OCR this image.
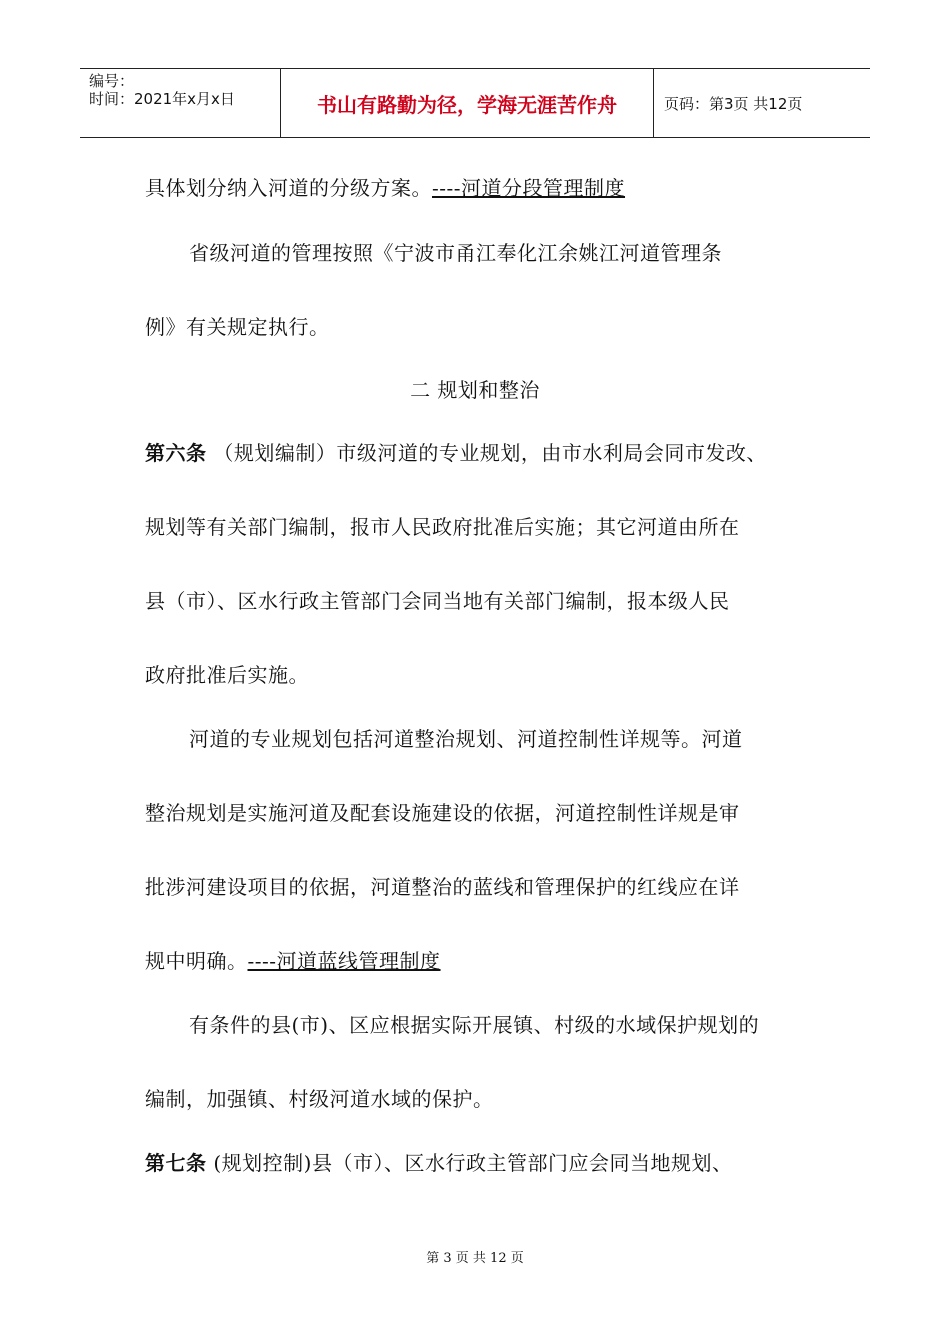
编号：
时间：2021年x月x日	书山有路勤为径，学海无涯苦作舟	页码：第3页 共12页
具体划分纳入河道的分级方案。----河道分段管理制度
省级河道的管理按照《宁波市甬江奉化江余姚江河道管理条
例》有关规定执行。
二 规划和整治
第六条 （规划编制）市级河道的专业规划，由市水利局会同市发改、
规划等有关部门编制，报市人民政府批准后实施；其它河道由所在
县（市）、区水行政主管部门会同当地有关部门编制，报本级人民
政府批准后实施。
河道的专业规划包括河道整治规划、河道控制性详规等。河道
整治规划是实施河道及配套设施建设的依据，河道控制性详规是审
批涉河建设项目的依据，河道整治的蓝线和管理保护的红线应在详
规中明确。----河道蓝线管理制度
有条件的县(市)、区应根据实际开展镇、村级的水域保护规划的
编制，加强镇、村级河道水域的保护。
第七条 (规划控制)县（市）、区水行政主管部门应会同当地规划、
第 3 页 共 12 页
